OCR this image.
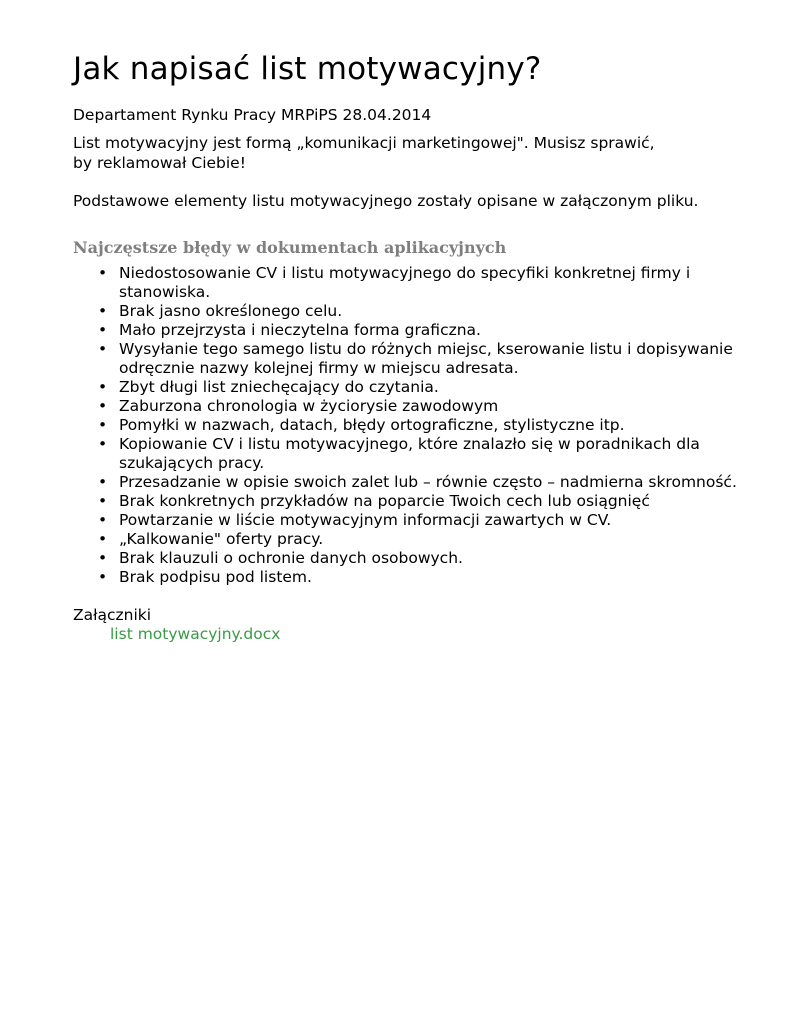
Jak napisać list motywacyjny?
Departament Rynku Pracy MRPiPS 28.04.2014
List motywacyjny jest formą „komunikacji marketingowej". Musisz sprawić,
by reklamował Ciebie!
Podstawowe elementy listu motywacyjnego zostały opisane w załączonym pliku.
Najczęstsze błędy w dokumentach aplikacyjnych
• Niedostosowanie CV i listu motywacyjnego do specyfiki konkretnej firmy i stanowiska.
• Brak jasno określonego celu.
• Mało przejrzysta i nieczytelna forma graficzna.
• Wysyłanie tego samego listu do różnych miejsc, kserowanie listu i dopisywanie odręcznie nazwy kolejnej firmy w miejscu adresata.
• Zbyt długi list zniechęcający do czytania.
• Zaburzona chronologia w życiorysie zawodowym
• Pomyłki w nazwach, datach, błędy ortograficzne, stylistyczne itp.
• Kopiowanie CV i listu motywacyjnego, które znalazło się w poradnikach dla szukających pracy.
• Przesadzanie w opisie swoich zalet lub – równie często – nadmierna skromność.
• Brak konkretnych przykładów na poparcie Twoich cech lub osiągnięć
• Powtarzanie w liście motywacyjnym informacji zawartych w CV.
• „Kalkowanie" oferty pracy.
• Brak klauzuli o ochronie danych osobowych.
• Brak podpisu pod listem.
Załączniki
list motywacyjny.docx
